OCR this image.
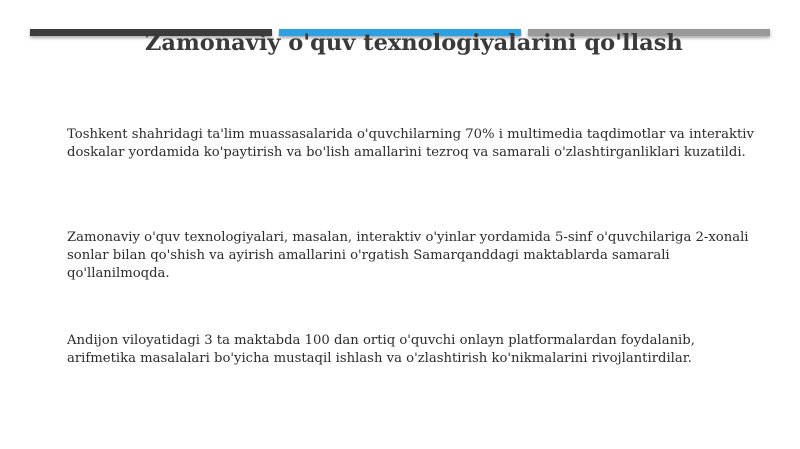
Zamonaviy o'quv texnologiyalarini qo'llash

Toshkent shahridagi ta'lim muassasalarida o'quvchilarning 70% i multimedia taqdimotlar va interaktiv doskalar yordamida ko'paytirish va bo'lish amallarini tezroq va samarali o'zlashtirganliklari kuzatildi.

Zamonaviy o'quv texnologiyalari, masalan, interaktiv o'yinlar yordamida 5-sinf o'quvchilariga 2-xonali sonlar bilan qo'shish va ayirish amallarini o'rgatish Samarqanddagi maktablarda samarali qo'llanilmoqda.

Andijon viloyatidagi 3 ta maktabda 100 dan ortiq o'quvchi onlayn platformalardan foydalanib, arifmetika masalalari bo'yicha mustaqil ishlash va o'zlashtirish ko'nikmalarini rivojlantirdilar.
